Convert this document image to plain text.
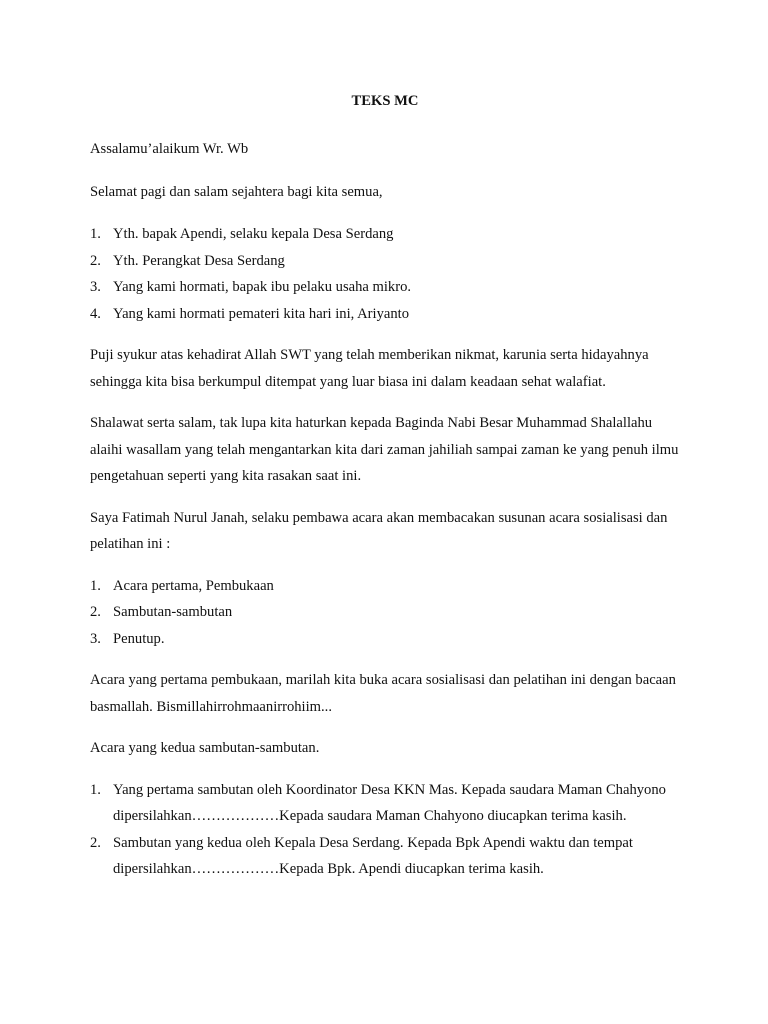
TEKS MC

Assalamu’alaikum Wr. Wb

Selamat pagi dan salam sejahtera bagi kita semua,

1. Yth. bapak Apendi, selaku kepala Desa Serdang
2. Yth. Perangkat Desa Serdang
3. Yang kami hormati, bapak ibu pelaku usaha mikro.
4. Yang kami hormati pemateri kita hari ini, Ariyanto

Puji syukur atas kehadirat Allah SWT yang telah memberikan nikmat, karunia serta hidayahnya sehingga kita bisa berkumpul ditempat yang luar biasa ini dalam keadaan sehat walafiat.

Shalawat serta salam, tak lupa kita haturkan kepada Baginda Nabi Besar Muhammad Shalallahu alaihi wasallam yang telah mengantarkan kita dari zaman jahiliah sampai zaman ke yang penuh ilmu pengetahuan seperti yang kita rasakan saat ini.

Saya Fatimah Nurul Janah, selaku pembawa acara akan membacakan susunan acara sosialisasi dan pelatihan ini :

1. Acara pertama, Pembukaan
2. Sambutan-sambutan
3. Penutup.

Acara yang pertama pembukaan, marilah kita buka acara sosialisasi dan pelatihan ini dengan bacaan basmallah. Bismillahirrohmaanirrohiim...

Acara yang kedua sambutan-sambutan.

1. Yang pertama sambutan oleh Koordinator Desa KKN Mas. Kepada saudara Maman Chahyono dipersilahkan………………Kepada saudara Maman Chahyono diucapkan terima kasih.
2. Sambutan yang kedua oleh Kepala Desa Serdang. Kepada Bpk Apendi waktu dan tempat dipersilahkan………………Kepada Bpk. Apendi diucapkan terima kasih.
